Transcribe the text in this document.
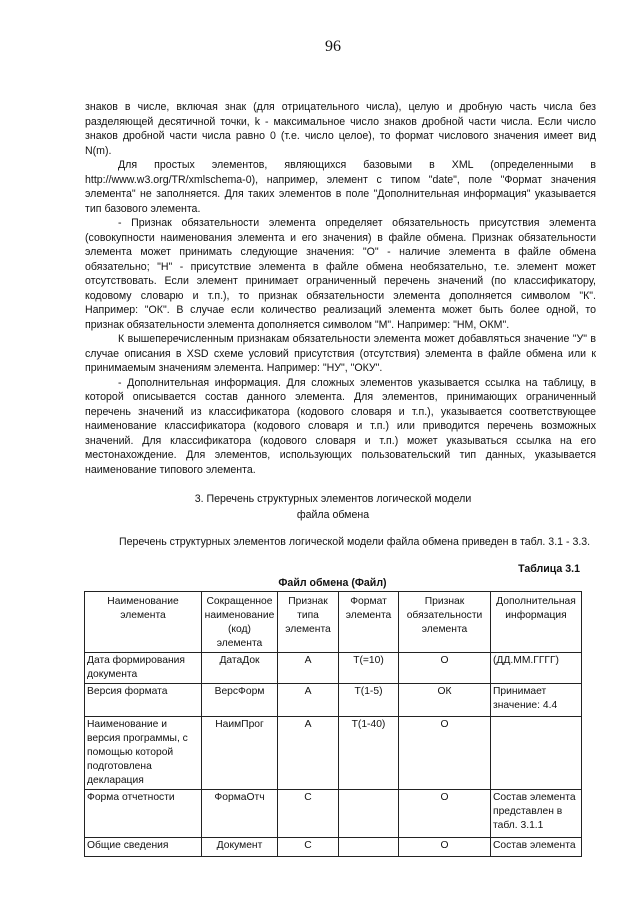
96
знаков в числе, включая знак (для отрицательного числа), целую и дробную часть числа без
разделяющей десятичной точки, k - максимальное число знаков дробной части числа. Если число
знаков дробной части числа равно 0 (т.е. число целое), то формат числового значения имеет вид
N(m).
Для простых элементов, являющихся базовыми в XML (определенными в
http://www.w3.org/TR/xmlschema-0), например, элемент с типом "date", поле "Формат значения
элемента" не заполняется. Для таких элементов в поле "Дополнительная информация" указывается
тип базового элемента.
- Признак обязательности элемента определяет обязательность присутствия элемента
(совокупности наименования элемента и его значения) в файле обмена. Признак обязательности
элемента может принимать следующие значения: "О" - наличие элемента в файле обмена
обязательно; "Н" - присутствие элемента в файле обмена необязательно, т.е. элемент может
отсутствовать. Если элемент принимает ограниченный перечень значений (по классификатору,
кодовому словарю и т.п.), то признак обязательности элемента дополняется символом "К".
Например: "ОК". В случае если количество реализаций элемента может быть более одной, то
признак обязательности элемента дополняется символом "М". Например: "НМ, ОКМ".
К вышеперечисленным признакам обязательности элемента может добавляться значение "У" в
случае описания в XSD схеме условий присутствия (отсутствия) элемента в файле обмена или к
принимаемым значениям элемента. Например: "НУ", "ОКУ".
- Дополнительная информация. Для сложных элементов указывается ссылка на таблицу, в
которой описывается состав данного элемента. Для элементов, принимающих ограниченный
перечень значений из классификатора (кодового словаря и т.п.), указывается соответствующее
наименование классификатора (кодового словаря и т.п.) или приводится перечень возможных
значений. Для классификатора (кодового словаря и т.п.) может указываться ссылка на его
местонахождение. Для элементов, использующих пользовательский тип данных, указывается
наименование типового элемента.
3. Перечень структурных элементов логической модели
файла обмена
Перечень структурных элементов логической модели файла обмена приведен в табл. 3.1 - 3.3.
Таблица 3.1
Файл обмена (Файл)
Наименование элемента	Сокращенное наименование (код) элемента	Признак типа элемента	Формат элемента	Признак обязательности элемента	Дополнительная информация
Дата формирования документа	ДатаДок	А	T(=10)	О	(ДД.ММ.ГГГГ)
Версия формата	ВерсФорм	А	T(1-5)	ОК	Принимает значение: 4.4
Наименование и версия программы, с помощью которой подготовлена декларация	НаимПрог	А	T(1-40)	О	
Форма отчетности	ФормаОтч	С		О	Состав элемента представлен в табл. 3.1.1
Общие сведения	Документ	С		О	Состав элемента
